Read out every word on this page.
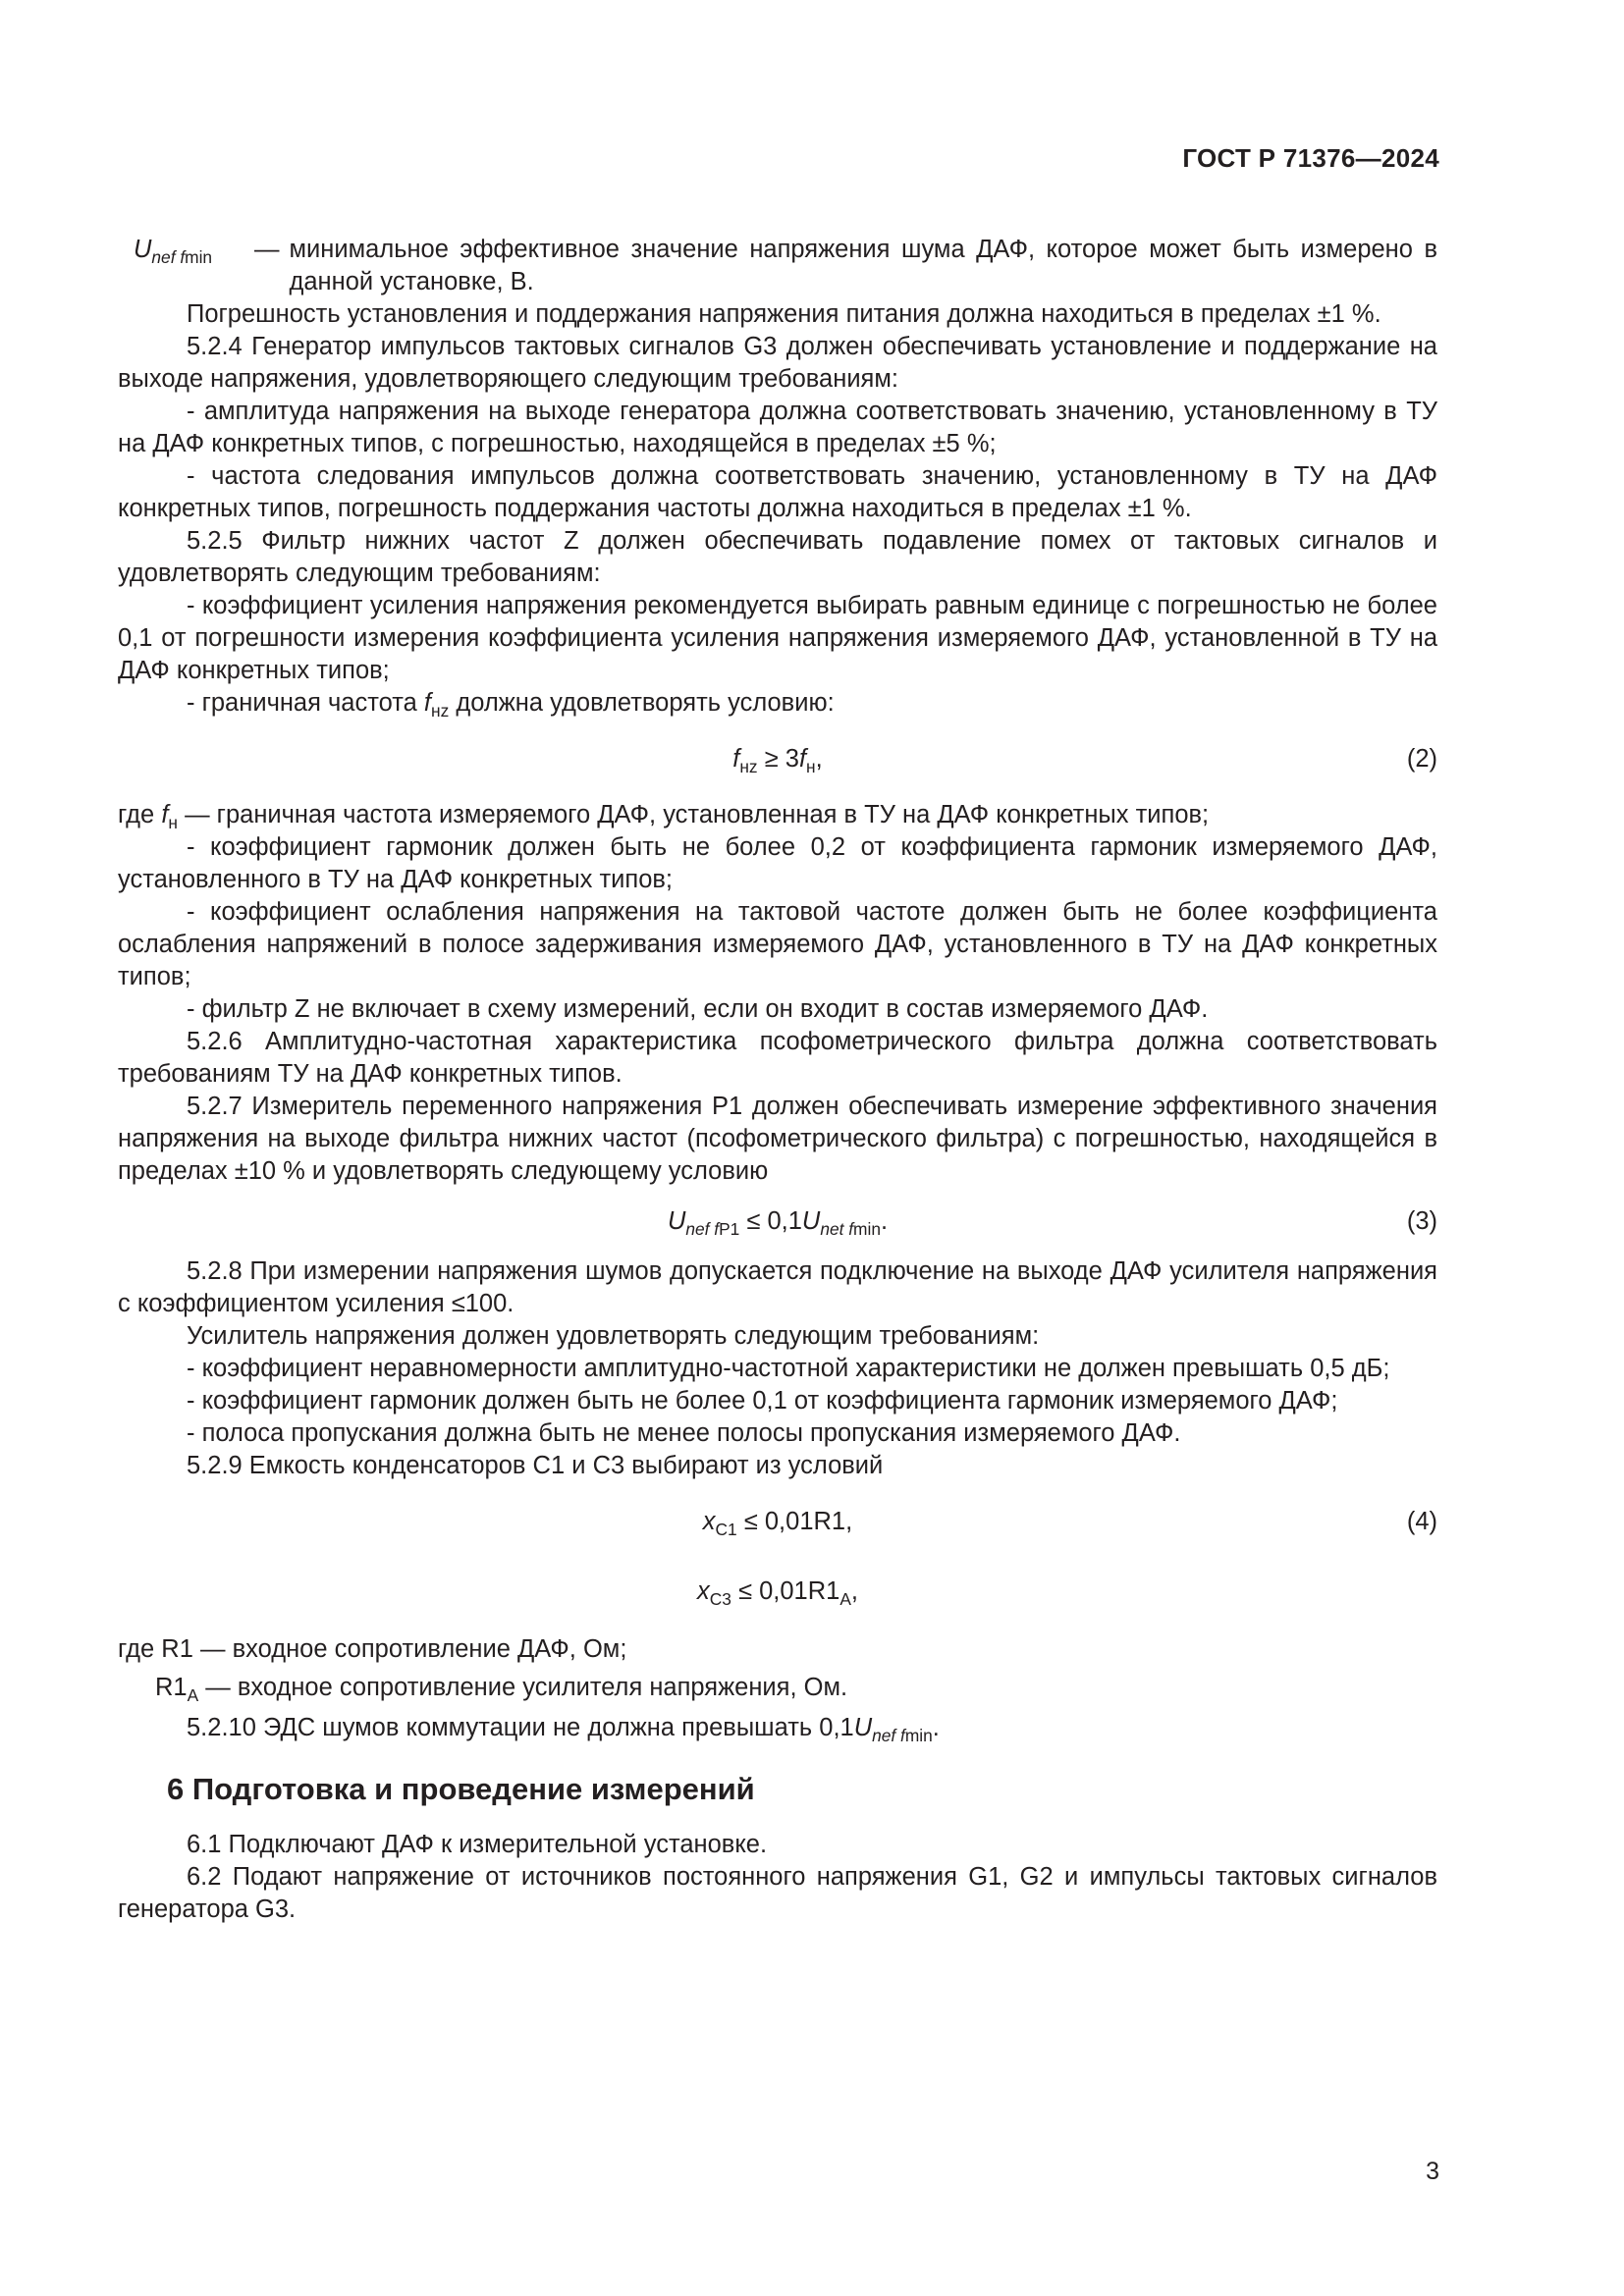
ГОСТ Р 71376—2024
$U_{nef fmin}$	— минимальное эффективное значение напряжения шума ДАФ, которое может быть измерено в данной установке, В.

Погрешность установления и поддержания напряжения питания должна находиться в пределах ±1 %.

5.2.4 Генератор импульсов тактовых сигналов G3 должен обеспечивать установление и поддержание на выходе напряжения, удовлетворяющего следующим требованиям:

- амплитуда напряжения на выходе генератора должна соответствовать значению, установленному в ТУ на ДАФ конкретных типов, с погрешностью, находящейся в пределах ±5 %;

- частота следования импульсов должна соответствовать значению, установленному в ТУ на ДАФ конкретных типов, погрешность поддержания частоты должна находиться в пределах ±1 %.

5.2.5 Фильтр нижних частот Z должен обеспечивать подавление помех от тактовых сигналов и удовлетворять следующим требованиям:

- коэффициент усиления напряжения рекомендуется выбирать равным единице с погрешностью не более 0,1 от погрешности измерения коэффициента усиления напряжения измеряемого ДАФ, установленной в ТУ на ДАФ конкретных типов;

- граничная частота $f_{нz}$ должна удовлетворять условию:

$f_{нz} \ge 3f_н$,	(2)

где $f_н$ — граничная частота измеряемого ДАФ, установленная в ТУ на ДАФ конкретных типов;

- коэффициент гармоник должен быть не более 0,2 от коэффициента гармоник измеряемого ДАФ, установленного в ТУ на ДАФ конкретных типов;

- коэффициент ослабления напряжения на тактовой частоте должен быть не более коэффициента ослабления напряжений в полосе задерживания измеряемого ДАФ, установленного в ТУ на ДАФ конкретных типов;

- фильтр Z не включает в схему измерений, если он входит в состав измеряемого ДАФ.

5.2.6 Амплитудно-частотная характеристика псофометрического фильтра должна соответствовать требованиям ТУ на ДАФ конкретных типов.

5.2.7 Измеритель переменного напряжения P1 должен обеспечивать измерение эффективного значения напряжения на выходе фильтра нижних частот (псофометрического фильтра) с погрешностью, находящейся в пределах ±10 % и удовлетворять следующему условию

$U_{nef fP1} \le 0,1U_{net fmin}$.	(3)

5.2.8 При измерении напряжения шумов допускается подключение на выходе ДАФ усилителя напряжения с коэффициентом усиления ≤100.

Усилитель напряжения должен удовлетворять следующим требованиям:

- коэффициент неравномерности амплитудно-частотной характеристики не должен превышать 0,5 дБ;

- коэффициент гармоник должен быть не более 0,1 от коэффициента гармоник измеряемого ДАФ;

- полоса пропускания должна быть не менее полосы пропускания измеряемого ДАФ.

5.2.9 Емкость конденсаторов C1 и C3 выбирают из условий

$x_{C1} \le 0,01R1$,	(4)
$x_{C3} \le 0,01R1_A$,

где R1 — входное сопротивление ДАФ, Ом;

$R1_A$ — входное сопротивление усилителя напряжения, Ом.

5.2.10 ЭДС шумов коммутации не должна превышать $0,1U_{nef fmin}$.

6 Подготовка и проведение измерений

6.1 Подключают ДАФ к измерительной установке.

6.2 Подают напряжение от источников постоянного напряжения G1, G2 и импульсы тактовых сигналов генератора G3.

3
